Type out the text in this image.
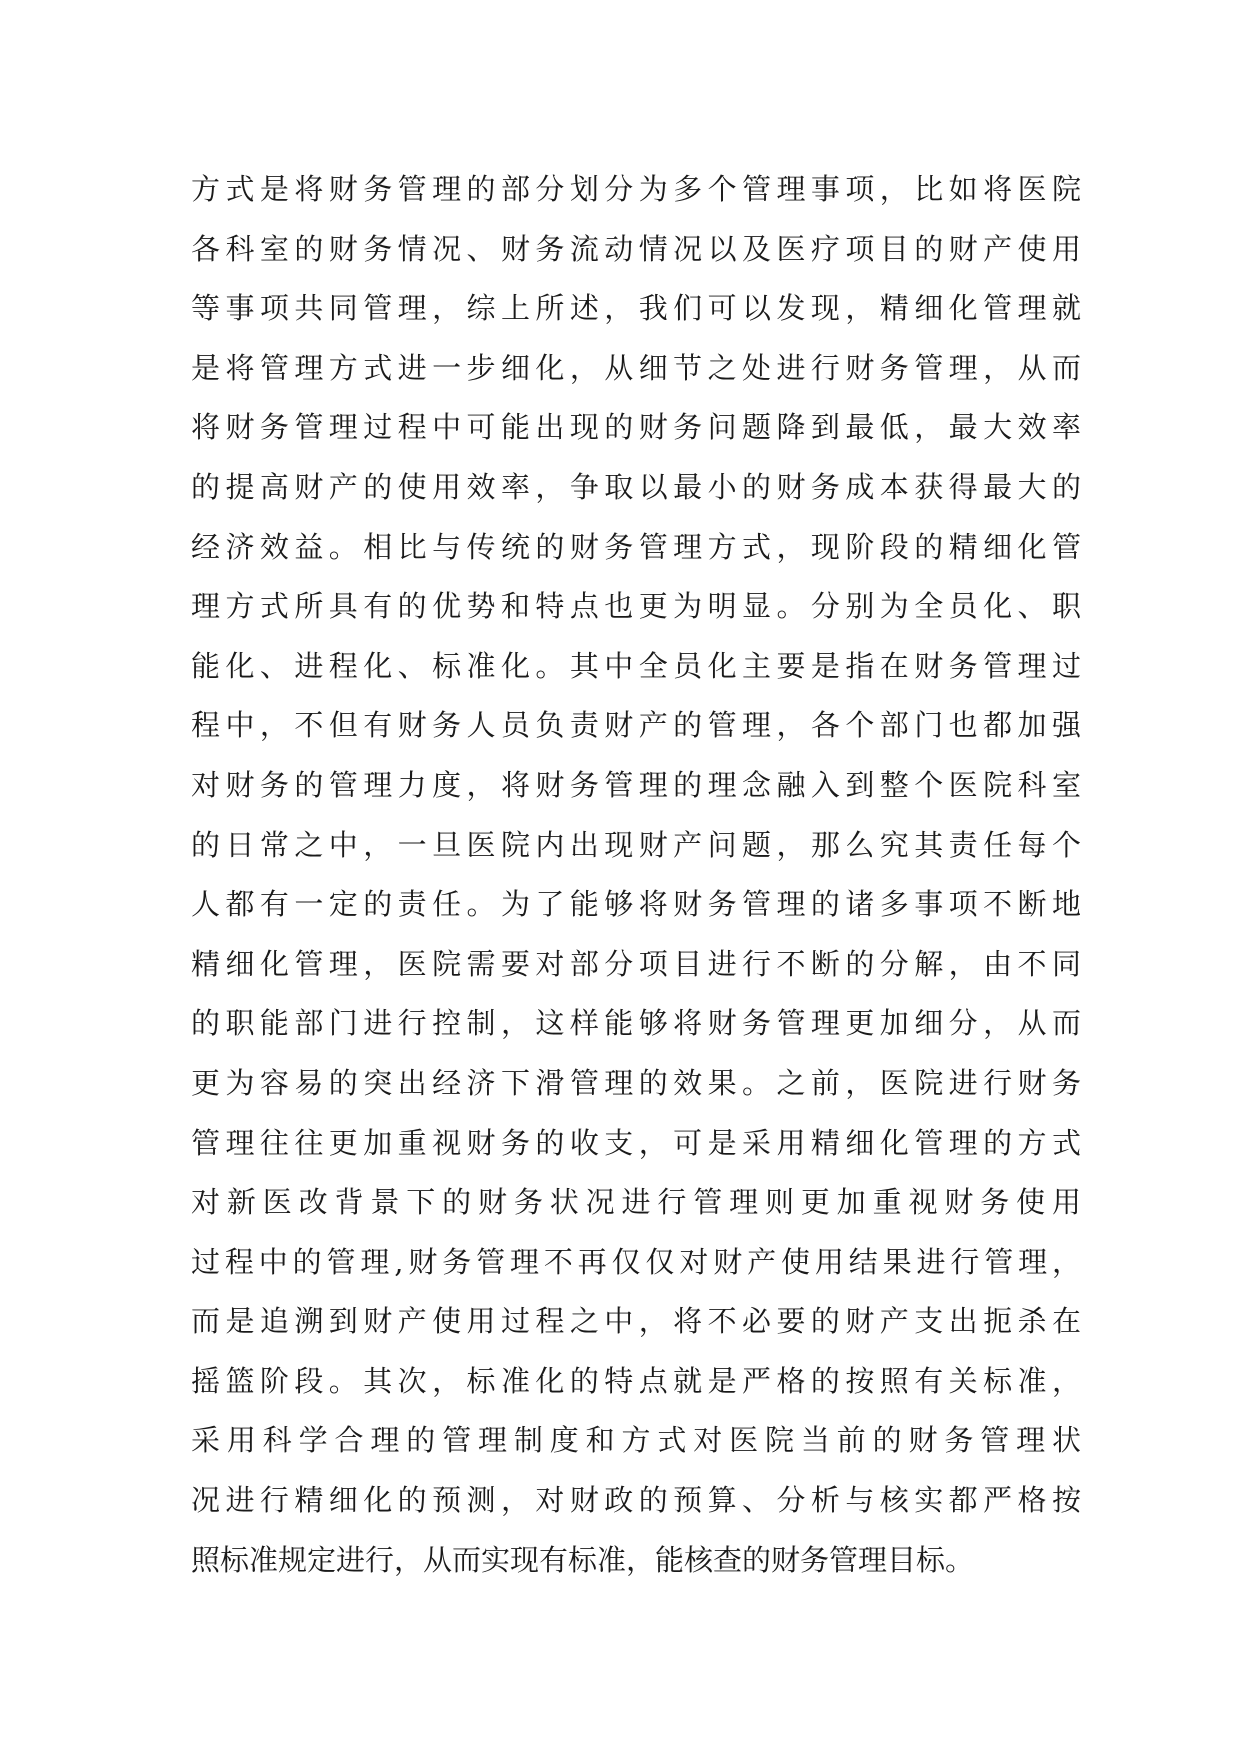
方式是将财务管理的部分划分为多个管理事项，比如将医院
各科室的财务情况、财务流动情况以及医疗项目的财产使用
等事项共同管理，综上所述，我们可以发现，精细化管理就
是将管理方式进一步细化，从细节之处进行财务管理，从而
将财务管理过程中可能出现的财务问题降到最低，最大效率
的提高财产的使用效率，争取以最小的财务成本获得最大的
经济效益。相比与传统的财务管理方式，现阶段的精细化管
理方式所具有的优势和特点也更为明显。分别为全员化、职
能化、进程化、标准化。其中全员化主要是指在财务管理过
程中，不但有财务人员负责财产的管理，各个部门也都加强
对财务的管理力度，将财务管理的理念融入到整个医院科室
的日常之中，一旦医院内出现财产问题，那么究其责任每个
人都有一定的责任。为了能够将财务管理的诸多事项不断地
精细化管理，医院需要对部分项目进行不断的分解，由不同
的职能部门进行控制，这样能够将财务管理更加细分，从而
更为容易的突出经济下滑管理的效果。之前，医院进行财务
管理往往更加重视财务的收支，可是采用精细化管理的方式
对新医改背景下的财务状况进行管理则更加重视财务使用
过程中的管理,财务管理不再仅仅对财产使用结果进行管理，
而是追溯到财产使用过程之中，将不必要的财产支出扼杀在
摇篮阶段。其次，标准化的特点就是严格的按照有关标准，
采用科学合理的管理制度和方式对医院当前的财务管理状
况进行精细化的预测，对财政的预算、分析与核实都严格按
照标准规定进行，从而实现有标准，能核查的财务管理目标。
